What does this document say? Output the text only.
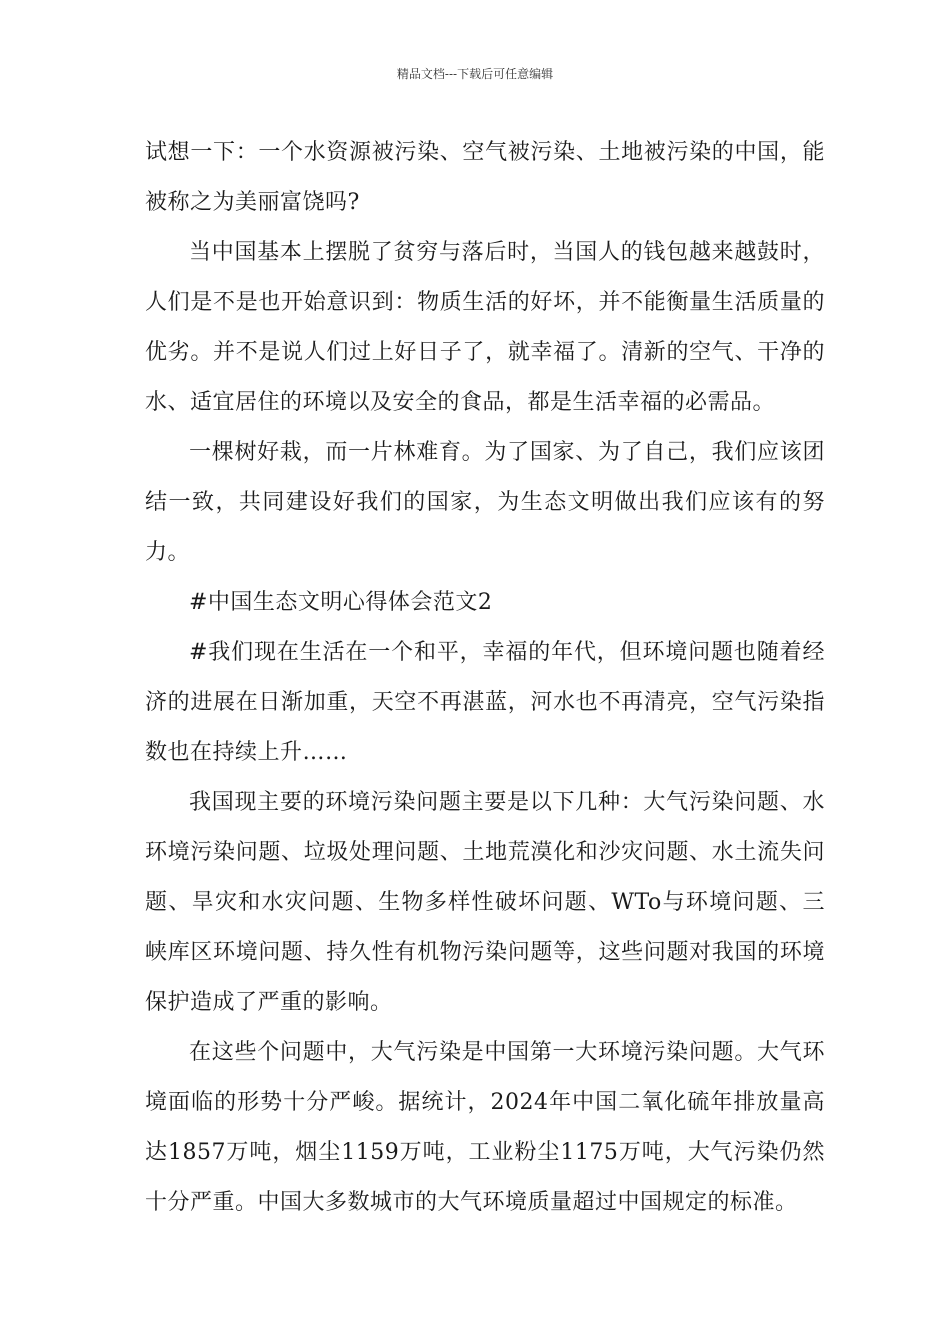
精品文档---下载后可任意编辑

试想一下：一个水资源被污染、空气被污染、土地被污染的中国，能被称之为美丽富饶吗?

当中国基本上摆脱了贫穷与落后时，当国人的钱包越来越鼓时，人们是不是也开始意识到：物质生活的好坏，并不能衡量生活质量的优劣。并不是说人们过上好日子了，就幸福了。清新的空气、干净的水、适宜居住的环境以及安全的食品，都是生活幸福的必需品。

一棵树好栽，而一片林难育。为了国家、为了自己，我们应该团结一致，共同建设好我们的国家，为生态文明做出我们应该有的努力。

#中国生态文明心得体会范文2

#我们现在生活在一个和平，幸福的年代，但环境问题也随着经济的进展在日渐加重，天空不再湛蓝，河水也不再清亮，空气污染指数也在持续上升……

我国现主要的环境污染问题主要是以下几种：大气污染问题、水环境污染问题、垃圾处理问题、土地荒漠化和沙灾问题、水土流失问题、旱灾和水灾问题、生物多样性破坏问题、WTo与环境问题、三峡库区环境问题、持久性有机物污染问题等，这些问题对我国的环境保护造成了严重的影响。

在这些个问题中，大气污染是中国第一大环境污染问题。大气环境面临的形势十分严峻。据统计，2024年中国二氧化硫年排放量高达1857万吨，烟尘1159万吨，工业粉尘1175万吨，大气污染仍然十分严重。中国大多数城市的大气环境质量超过中国规定的标准。
